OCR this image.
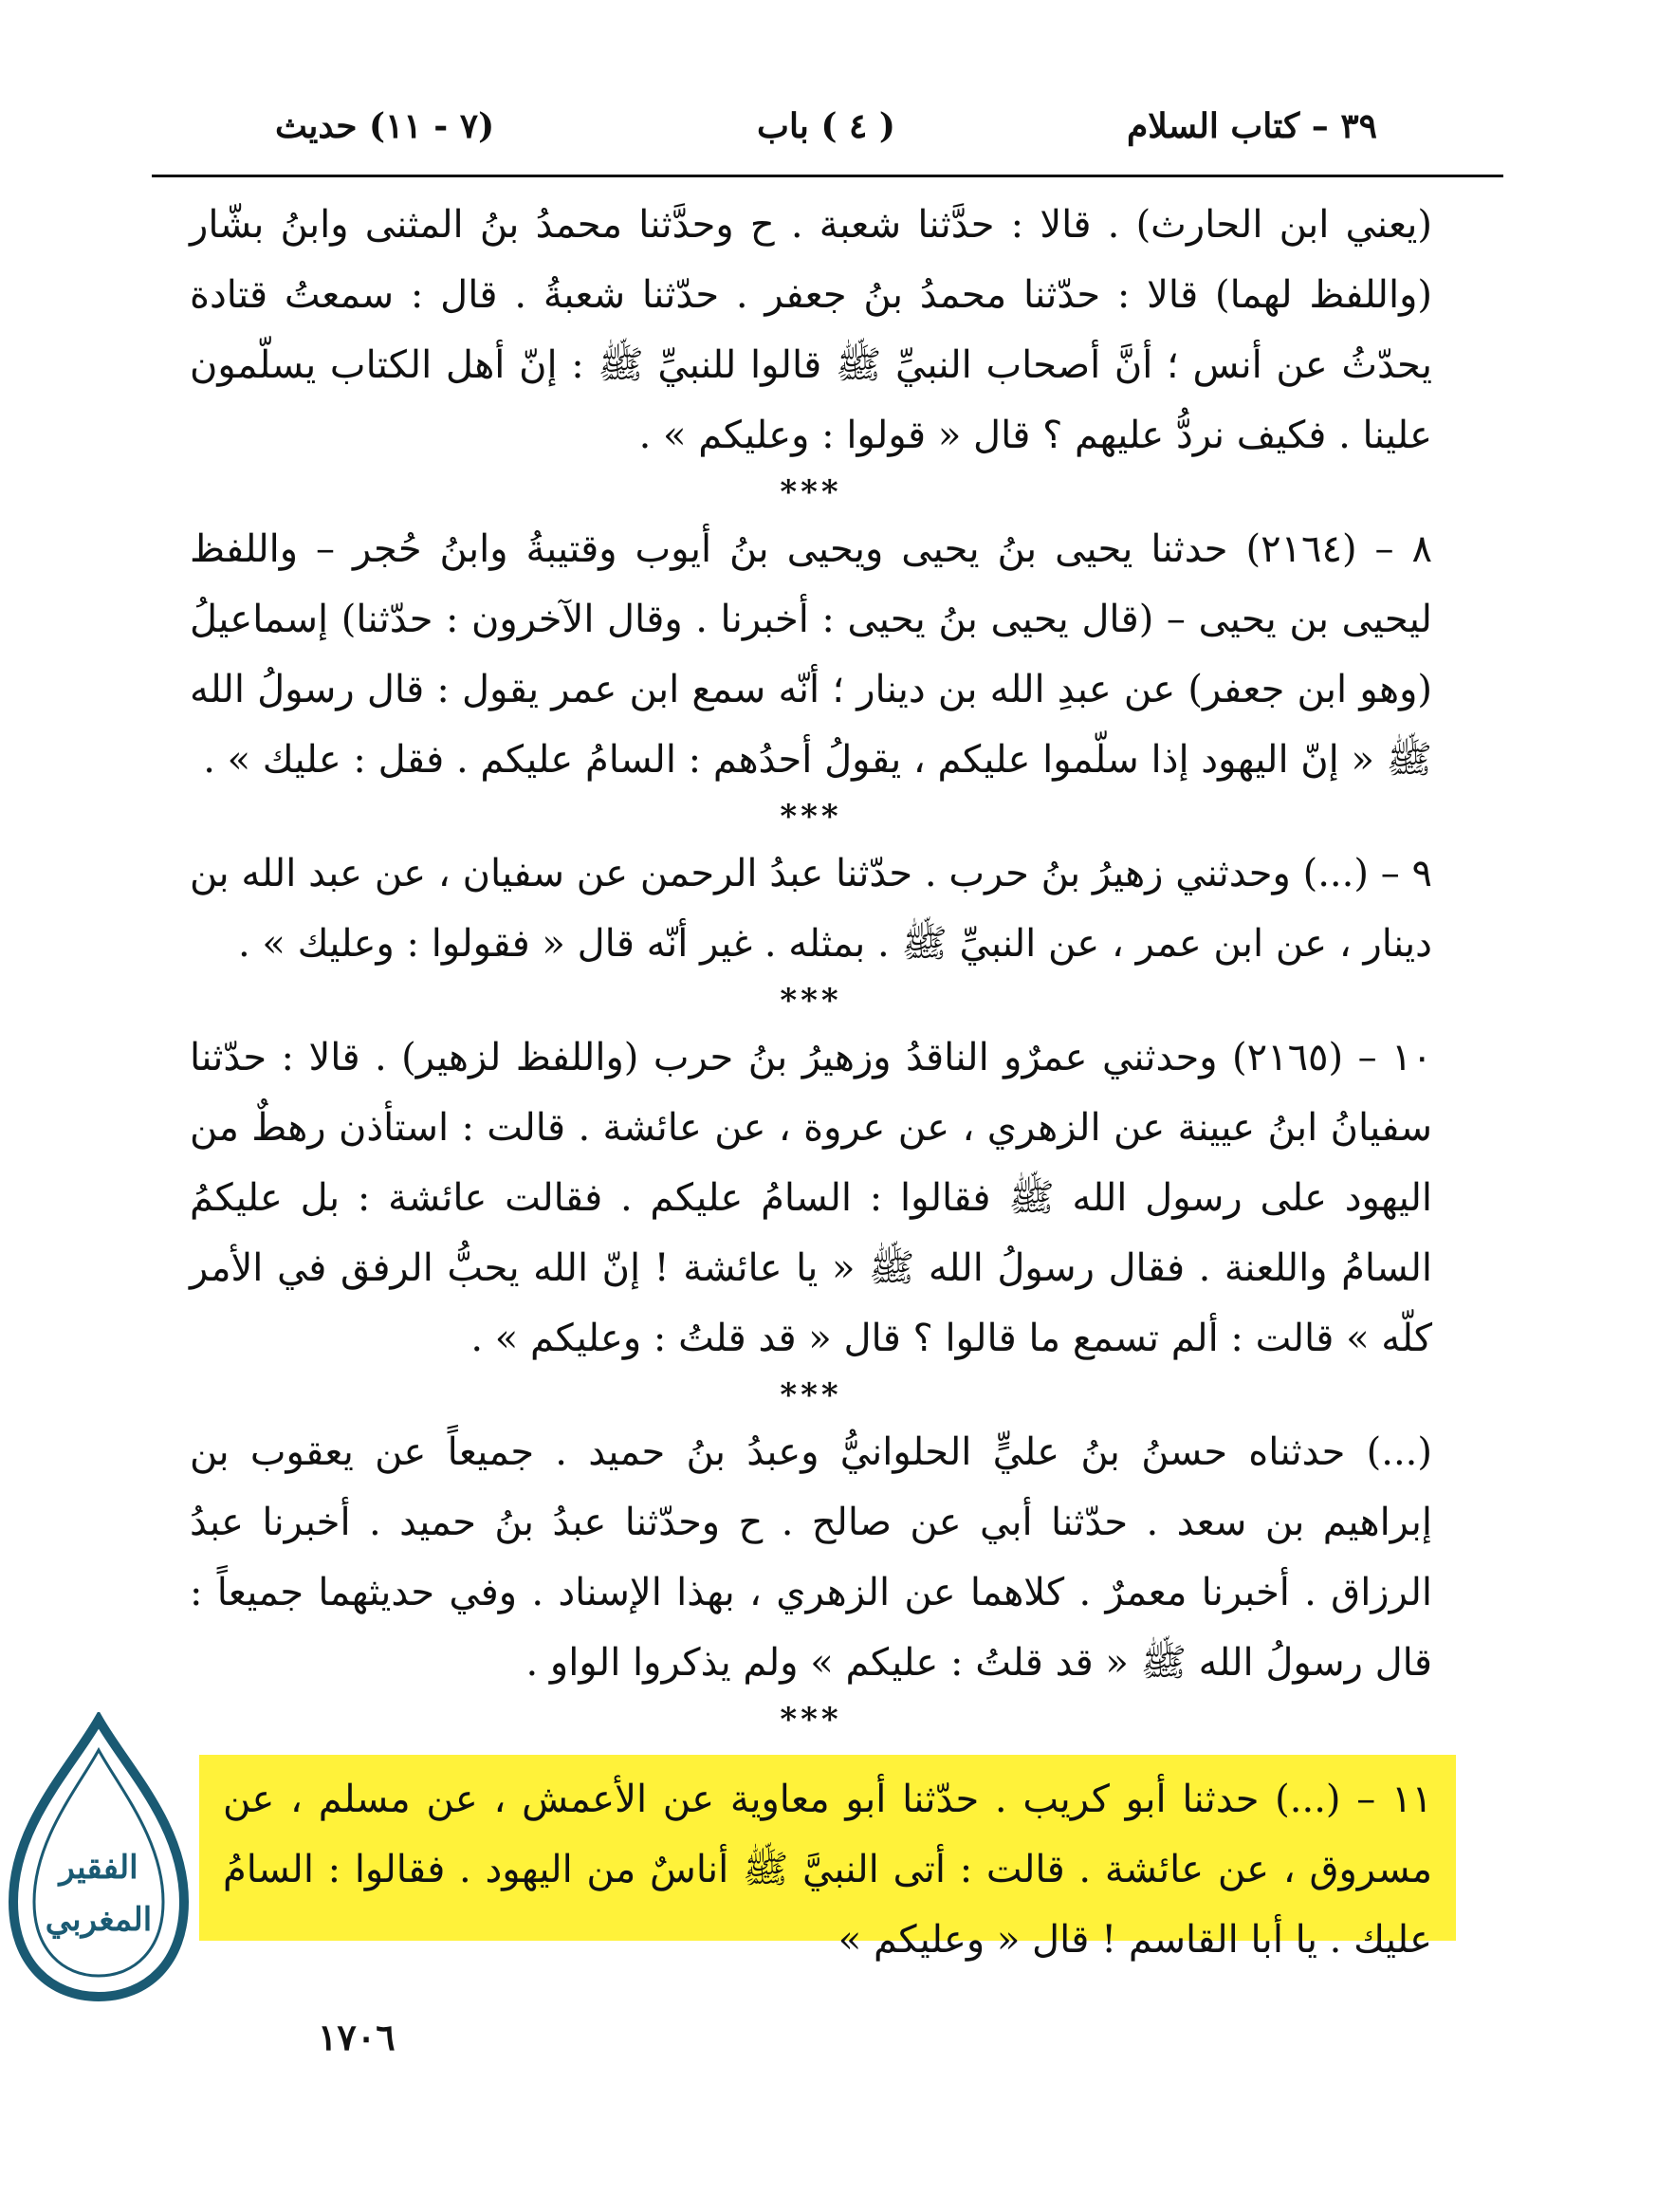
٣٩ – كتاب السلام
( ٤ ) باب
(٧ - ١١) حديث
(يعني ابن الحارث) . قالا : حدَّثنا شعبة . ح وحدَّثنا محمدُ بنُ المثنى وابنُ بشّار (واللفظ لهما) قالا : حدّثنا محمدُ بنُ جعفر . حدّثنا شعبةُ . قال : سمعتُ قتادة يحدّثُ عن أنس ؛ أنَّ أصحاب النبيِّ ﷺ قالوا للنبيِّ ﷺ : إنّ أهل الكتاب يسلّمون علينا . فكيف نردُّ عليهم ؟ قال « قولوا : وعليكم » .
***
٨ – (٢١٦٤) حدثنا يحيى بنُ يحيى ويحيى بنُ أيوب وقتيبةُ وابنُ حُجر – واللفظ ليحيى بن يحيى – (قال يحيى بنُ يحيى : أخبرنا . وقال الآخرون : حدّثنا) إسماعيلُ (وهو ابن جعفر) عن عبدِ الله بن دينار ؛ أنّه سمع ابن عمر يقول : قال رسولُ الله ﷺ « إنّ اليهود إذا سلّموا عليكم ، يقولُ أحدُهم : السامُ عليكم . فقل : عليك » .
***
٩ – (...) وحدثني زهيرُ بنُ حرب . حدّثنا عبدُ الرحمن عن سفيان ، عن عبد الله بن دينار ، عن ابن عمر ، عن النبيِّ ﷺ . بمثله . غير أنّه قال « فقولوا : وعليك » .
***
١٠ – (٢١٦٥) وحدثني عمرٌو الناقدُ وزهيرُ بنُ حرب (واللفظ لزهير) . قالا : حدّثنا سفيانُ ابنُ عيينة عن الزهري ، عن عروة ، عن عائشة . قالت : استأذن رهطٌ من اليهود على رسول الله ﷺ فقالوا : السامُ عليكم . فقالت عائشة : بل عليكمُ السامُ واللعنة . فقال رسولُ الله ﷺ « يا عائشة ! إنّ الله يحبُّ الرفق في الأمر كلّه » قالت : ألم تسمع ما قالوا ؟ قال « قد قلتُ : وعليكم » .
***
(...) حدثناه حسنُ بنُ عليٍّ الحلوانيُّ وعبدُ بنُ حميد . جميعاً عن يعقوب بن إبراهيم بن سعد . حدّثنا أبي عن صالح . ح وحدّثنا عبدُ بنُ حميد . أخبرنا عبدُ الرزاق . أخبرنا معمرٌ . كلاهما عن الزهري ، بهذا الإسناد . وفي حديثهما جميعاً : قال رسولُ الله ﷺ « قد قلتُ : عليكم » ولم يذكروا الواو .
***
١١ – (...) حدثنا أبو كريب . حدّثنا أبو معاوية عن الأعمش ، عن مسلم ، عن مسروق ، عن عائشة . قالت : أتى النبيَّ ﷺ أناسٌ من اليهود . فقالوا : السامُ عليك . يا أبا القاسم ! قال « وعليكم »
١٧٠٦
الفقير
المغربي
